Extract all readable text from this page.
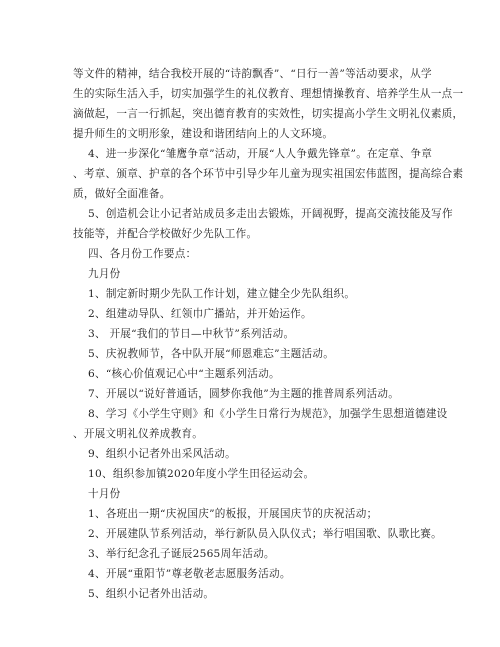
等文件的精神，结合我校开展的“诗韵飘香”、“日行一善”等活动要求，从学
生的实际生活入手，切实加强学生的礼仪教育、理想情操教育、培养学生从一点一
滴做起，一言一行抓起，突出德育教育的实效性，切实提高小学生文明礼仪素质，
提升师生的文明形象，建设和谐团结向上的人文环境。
4、进一步深化“雏鹰争章”活动，开展“人人争戴先锋章”。在定章、争章
、考章、颁章、护章的各个环节中引导少年儿童为现实祖国宏伟蓝图，提高综合素
质，做好全面准备。
5、创造机会让小记者站成员多走出去锻炼，开阔视野，提高交流技能及写作
技能等，并配合学校做好少先队工作。
四、各月份工作要点：
九月份
1、制定新时期少先队工作计划，建立健全少先队组织。
2、组建动导队、红领巾广播站，并开始运作。
3、 开展“我们的节日—中秋节”系列活动。
5、庆祝教师节，各中队开展“师恩难忘”主题活动。
6、“核心价值观记心中“主题系列活动。
7、开展以“说好普通话，圆梦你我他”为主题的推普周系列活动。
8、学习《小学生守则》和《小学生日常行为规范》，加强学生思想道德建设
、开展文明礼仪养成教育。
9、组织小记者外出采风活动。
10、组织参加镇2020年度小学生田径运动会。
十月份
1、各班出一期“庆祝国庆”的板报，开展国庆节的庆祝活动；
2、开展建队节系列活动，举行新队员入队仪式；举行唱国歌、队歌比赛。
3、举行纪念孔子诞辰2565周年活动。
4、开展“重阳节”尊老敬老志愿服务活动。
5、组织小记者外出活动。
